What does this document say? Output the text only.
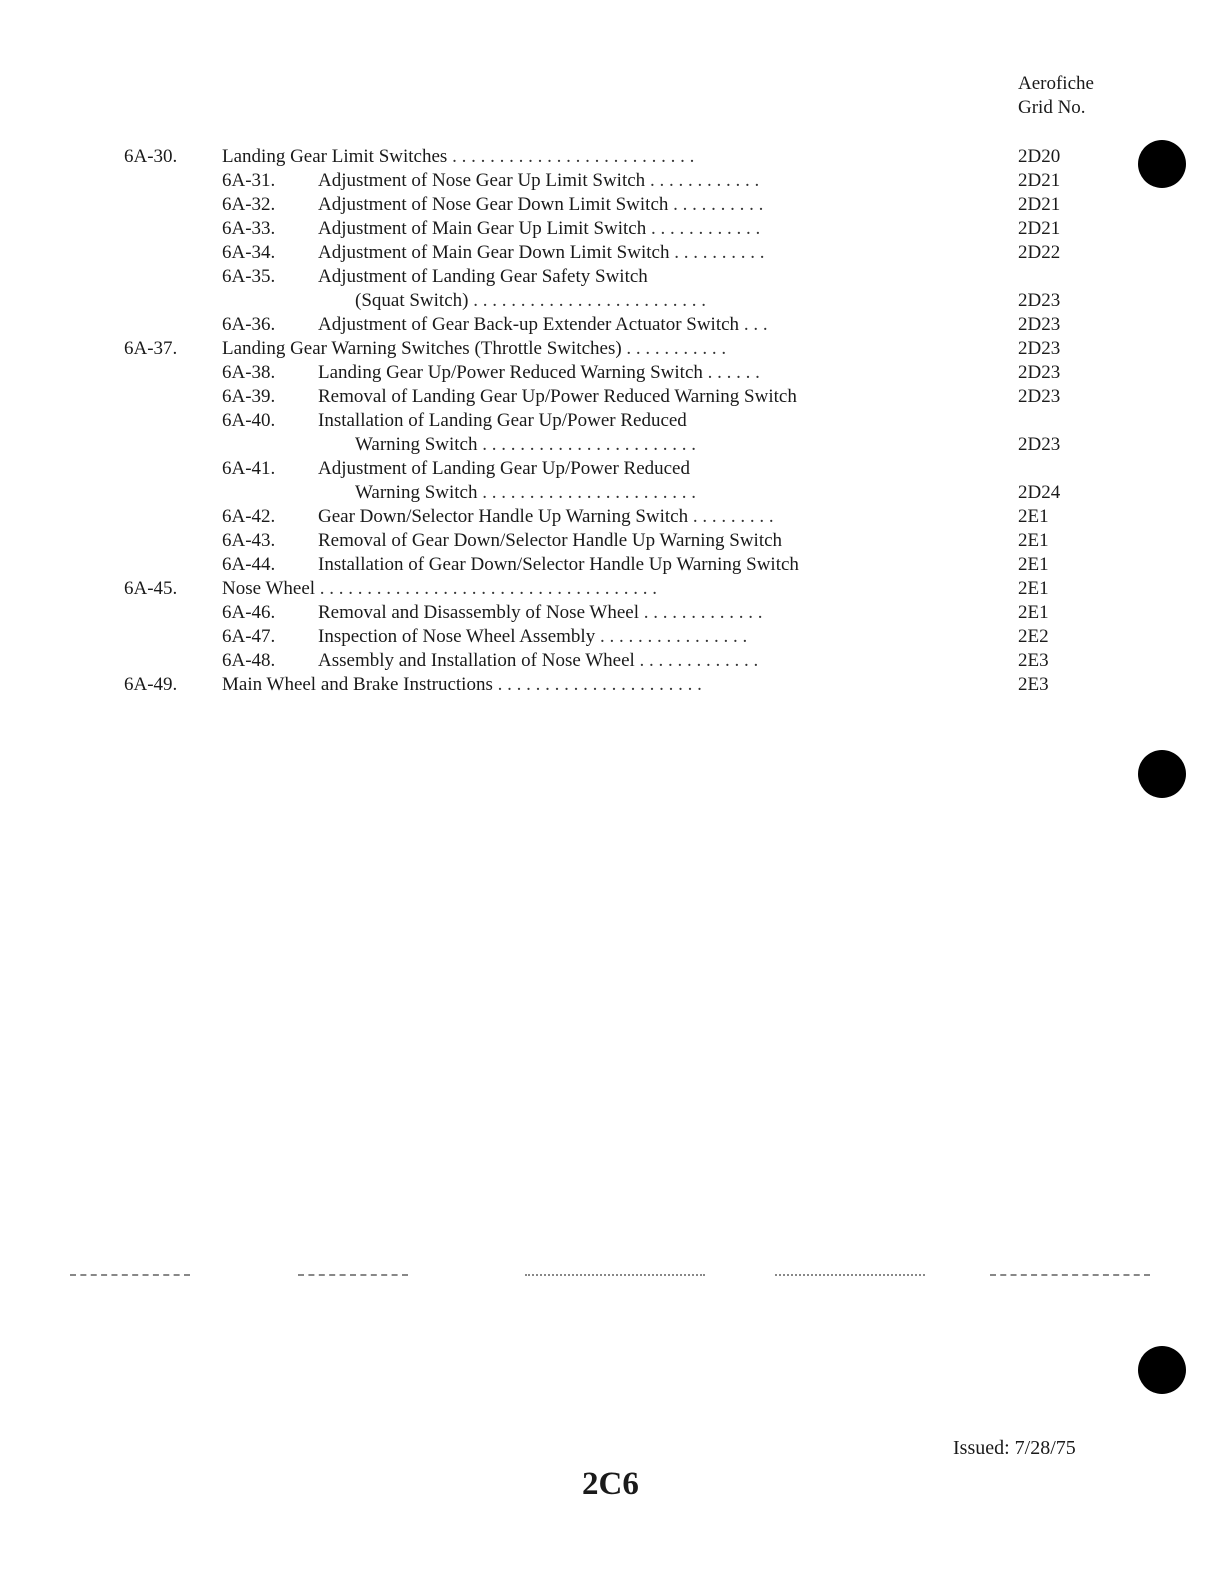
Aerofiche
Grid No.
6A-30. Landing Gear Limit Switches . . . . . . . . . . . . . . . . . . . . . . . . . .	2D20
6A-31. Adjustment of Nose Gear Up Limit Switch . . . . . . . . . . . .	2D21
6A-32. Adjustment of Nose Gear Down Limit Switch . . . . . . . . . .	2D21
6A-33. Adjustment of Main Gear Up Limit Switch . . . . . . . . . . . .	2D21
6A-34. Adjustment of Main Gear Down Limit Switch . . . . . . . . . .	2D22
6A-35. Adjustment of Landing Gear Safety Switch
(Squat Switch) . . . . . . . . . . . . . . . . . . . . . . . . .	2D23
6A-36. Adjustment of Gear Back-up Extender Actuator Switch . . .	2D23
6A-37. Landing Gear Warning Switches (Throttle Switches) . . . . . . . . . . .	2D23
6A-38. Landing Gear Up/Power Reduced Warning Switch . . . . . .	2D23
6A-39. Removal of Landing Gear Up/Power Reduced Warning Switch	2D23
6A-40. Installation of Landing Gear Up/Power Reduced
Warning Switch . . . . . . . . . . . . . . . . . . . . . . .	2D23
6A-41. Adjustment of Landing Gear Up/Power Reduced
Warning Switch . . . . . . . . . . . . . . . . . . . . . . .	2D24
6A-42. Gear Down/Selector Handle Up Warning Switch . . . . . . . . .	2E1
6A-43. Removal of Gear Down/Selector Handle Up Warning Switch	2E1
6A-44. Installation of Gear Down/Selector Handle Up Warning Switch	2E1
6A-45. Nose Wheel . . . . . . . . . . . . . . . . . . . . . . . . . . . . . . . . . . . .	2E1
6A-46. Removal and Disassembly of Nose Wheel . . . . . . . . . . . . .	2E1
6A-47. Inspection of Nose Wheel Assembly . . . . . . . . . . . . . . . .	2E2
6A-48. Assembly and Installation of Nose Wheel . . . . . . . . . . . . .	2E3
6A-49. Main Wheel and Brake Instructions . . . . . . . . . . . . . . . . . . . . . .	2E3
Issued: 7/28/75
2C6
